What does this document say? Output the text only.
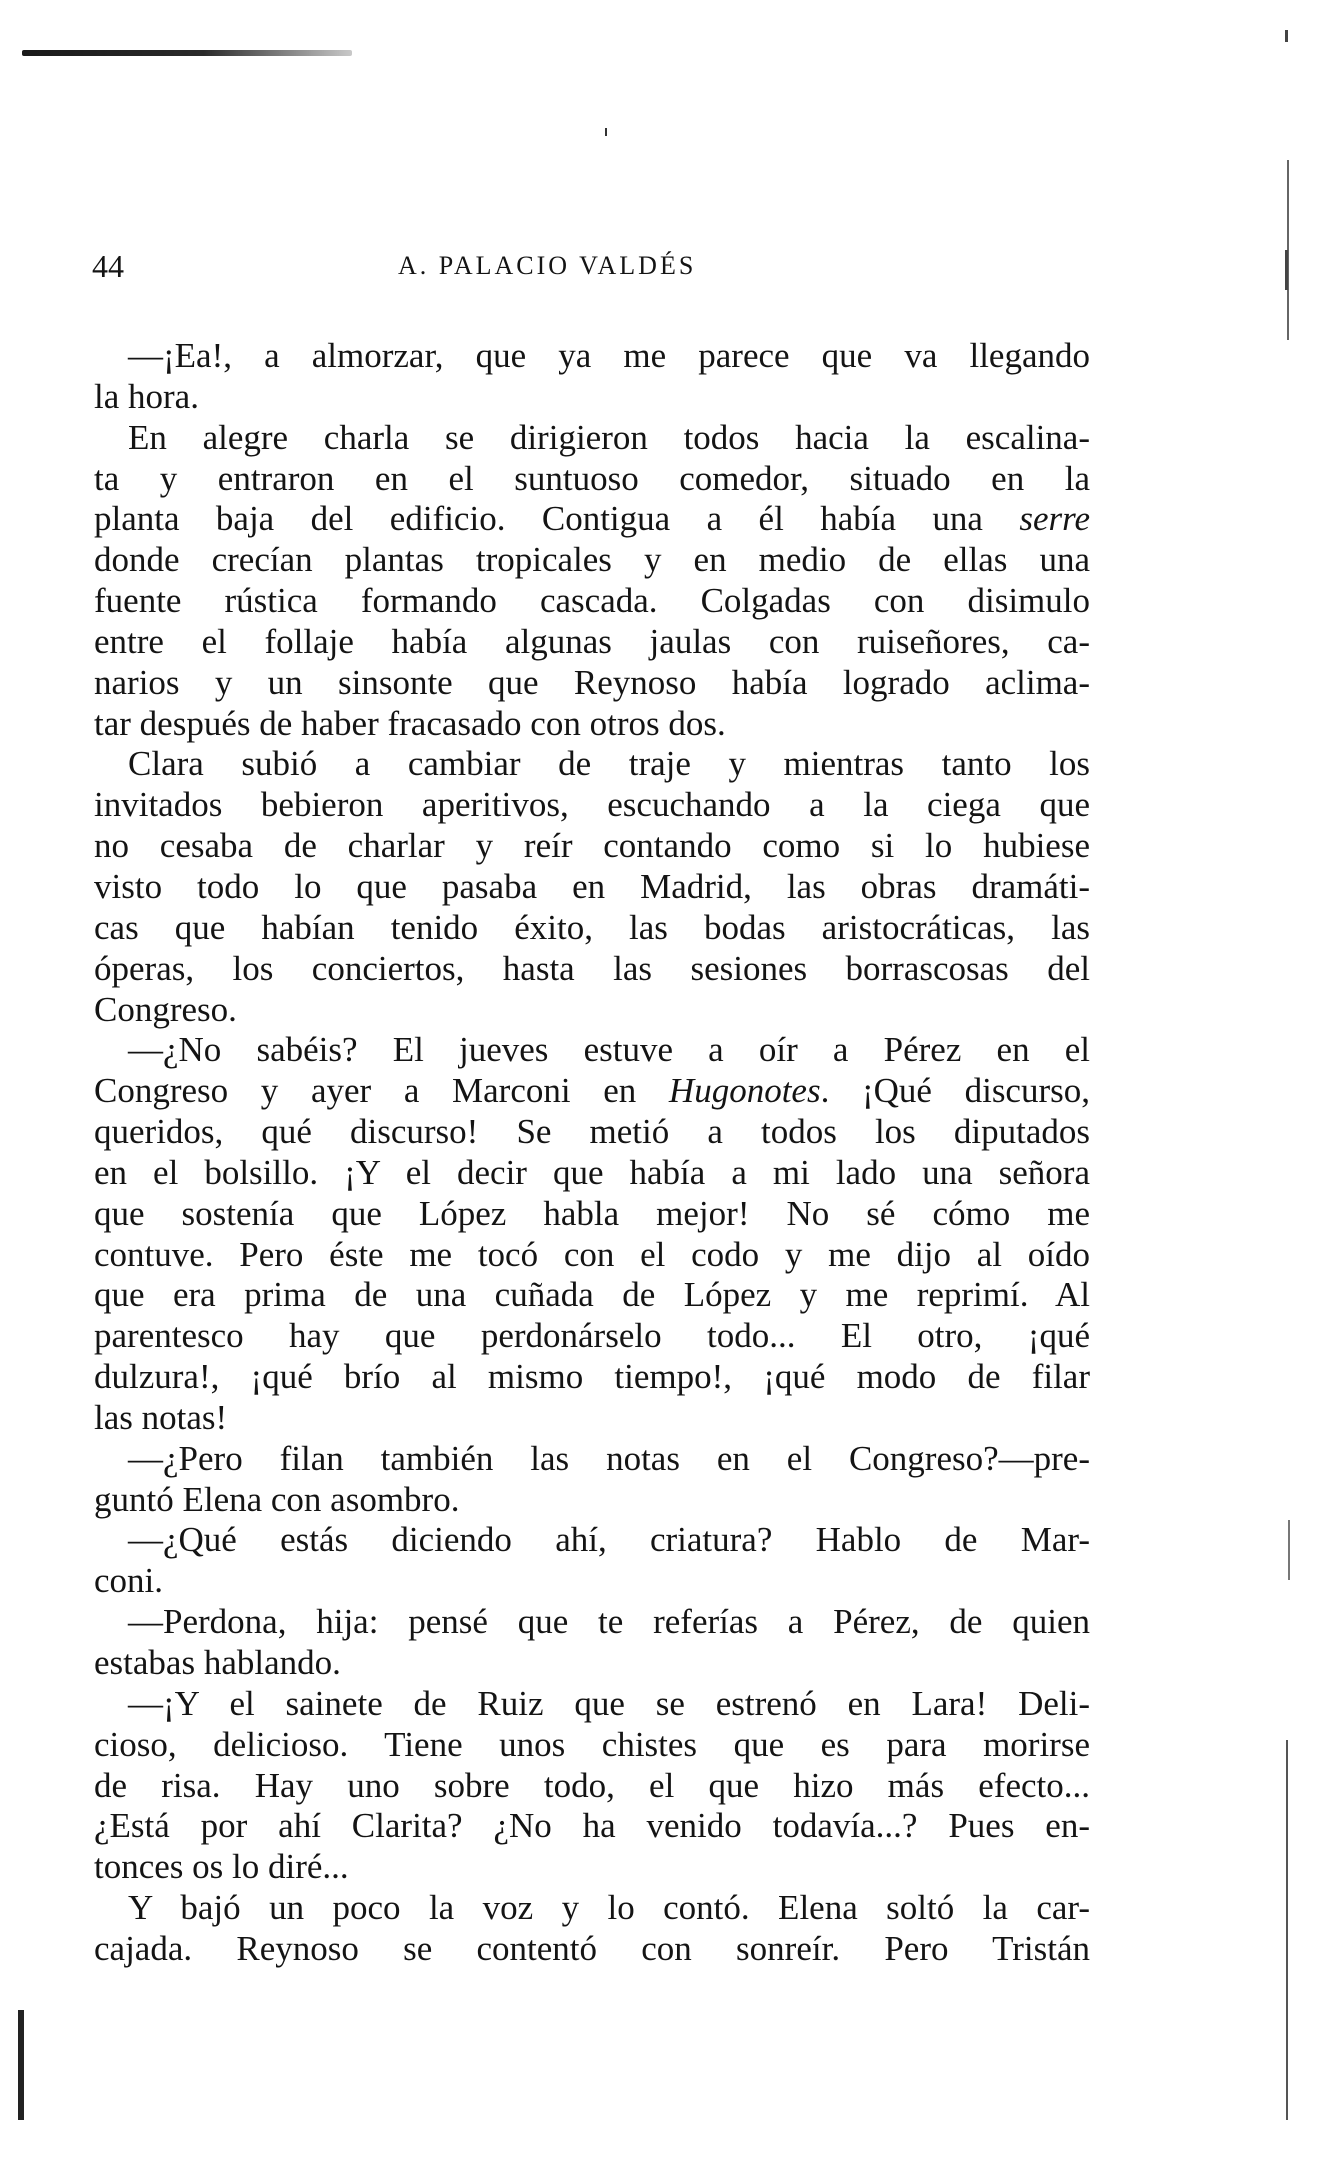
44	A. PALACIO VALDÉS
—¡Ea!, a almorzar, que ya me parece que va llegando
la hora.
En alegre charla se dirigieron todos hacia la escalina-
ta y entraron en el suntuoso comedor, situado en la
planta baja del edificio. Contigua a él había una serre
donde crecían plantas tropicales y en medio de ellas una
fuente rústica formando cascada. Colgadas con disimulo
entre el follaje había algunas jaulas con ruiseñores, ca-
narios y un sinsonte que Reynoso había logrado aclima-
tar después de haber fracasado con otros dos.
Clara subió a cambiar de traje y mientras tanto los
invitados bebieron aperitivos, escuchando a la ciega que
no cesaba de charlar y reír contando como si lo hubiese
visto todo lo que pasaba en Madrid, las obras dramáti-
cas que habían tenido éxito, las bodas aristocráticas, las
óperas, los conciertos, hasta las sesiones borrascosas del
Congreso.
—¿No sabéis? El jueves estuve a oír a Pérez en el
Congreso y ayer a Marconi en Hugonotes. ¡Qué discurso,
queridos, qué discurso! Se metió a todos los diputados
en el bolsillo. ¡Y el decir que había a mi lado una señora
que sostenía que López habla mejor! No sé cómo me
contuve. Pero éste me tocó con el codo y me dijo al oído
que era prima de una cuñada de López y me reprimí. Al
parentesco hay que perdonárselo todo... El otro, ¡qué
dulzura!, ¡qué brío al mismo tiempo!, ¡qué modo de filar
las notas!
—¿Pero filan también las notas en el Congreso?—pre-
guntó Elena con asombro.
—¿Qué estás diciendo ahí, criatura? Hablo de Mar-
coni.
—Perdona, hija: pensé que te referías a Pérez, de quien
estabas hablando.
—¡Y el sainete de Ruiz que se estrenó en Lara! Deli-
cioso, delicioso. Tiene unos chistes que es para morirse
de risa. Hay uno sobre todo, el que hizo más efecto...
¿Está por ahí Clarita? ¿No ha venido todavía...? Pues en-
tonces os lo diré...
Y bajó un poco la voz y lo contó. Elena soltó la car-
cajada. Reynoso se contentó con sonreír. Pero Tristán
